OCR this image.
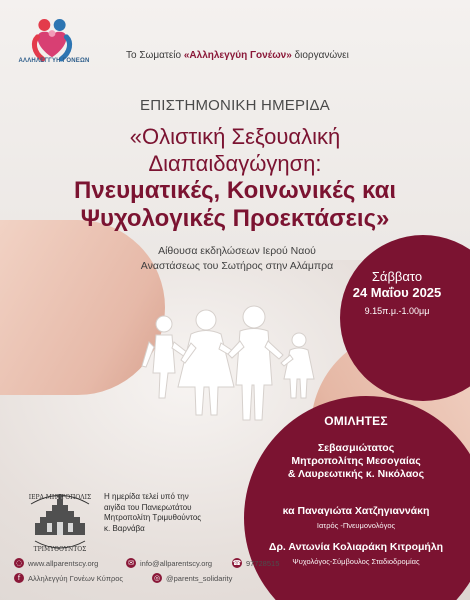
ΑΛΛΗΛΕΓΓΥΗ ΓΟΝΕΩΝ	Το Σωματείο «Αλληλεγγύη Γονέων» διοργανώνει
ΕΠΙΣΤΗΜΟΝΙΚΗ ΗΜΕΡΙΔΑ
«Ολιστική Σεξουαλική
Διαπαιδαγώγηση:
Πνευματικές, Κοινωνικές και
Ψυχολογικές Προεκτάσεις»
Αίθουσα εκδηλώσεων Ιερού Ναού
Αναστάσεως του Σωτήρος στην Αλάμπρα
Σάββατο
24 Μαΐου 2025
9.15π.μ.-1.00μμ
ΟΜΙΛΗΤΕΣ
Σεβασμιώτατος
Μητροπολίτης Μεσογαίας
& Λαυρεωτικής κ. Νικόλαος
κα Παναγιώτα Χατζηγιαννάκη
Ιατρός -Πνευμονολόγος
Δρ. Αντωνία Κολιαράκη Κιτρομήλη
Ψυχολόγος-Σύμβουλος Σταδιοδρομίας
ΙΕΡΑ ΜΗΤΡΟΠΟΛΙΣ
ΤΡΙΜΥΘΟΥΝΤΟΣ
Η ημερίδα τελεί υπό την
αιγίδα του Πανιερωτάτου
Μητροπολίτη Τριμυθούντος
κ. Βαρνάβα
◌ www.allparentscy.org	✉ info@allparentscy.org	☎ 97728515
f	Αλληλεγγύη Γονέων Κύπρος	◎ @parents_solidarity
